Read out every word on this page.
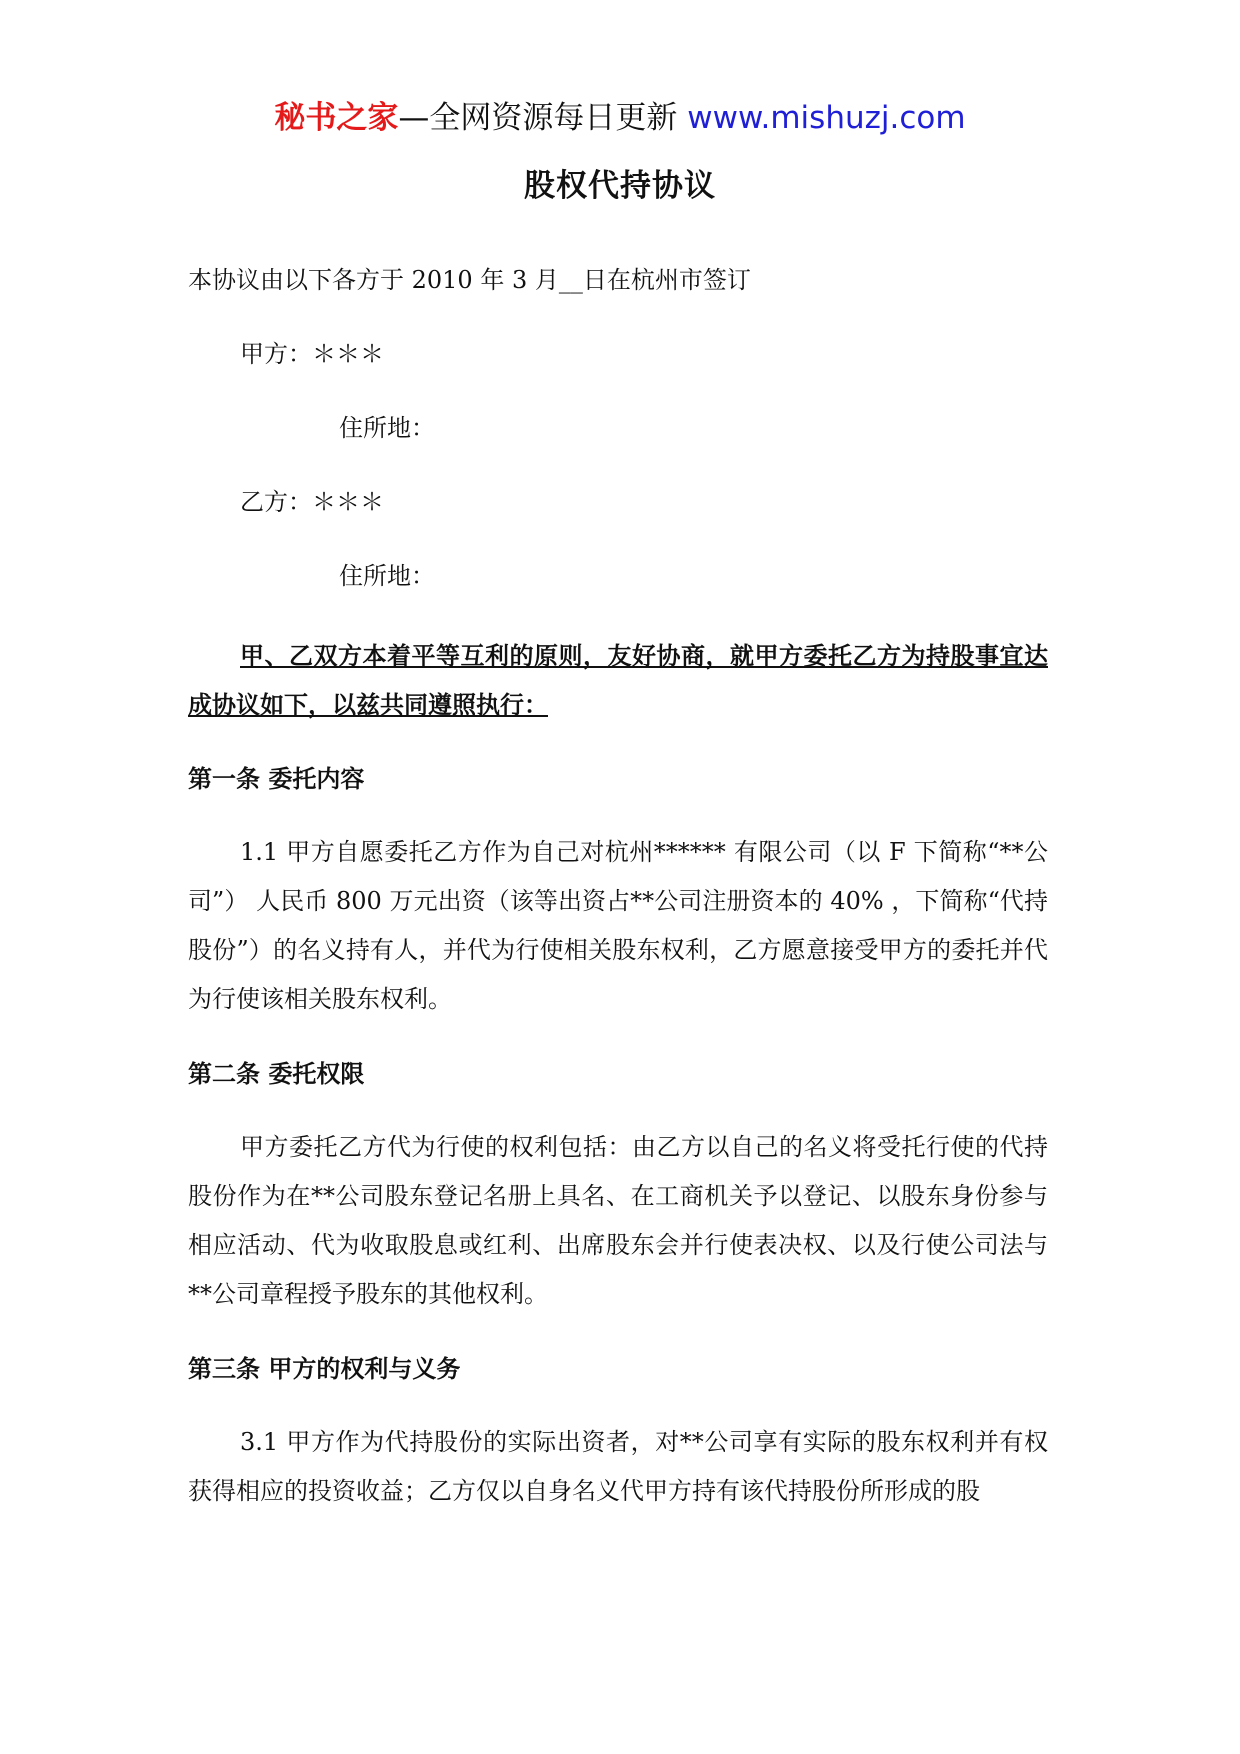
秘书之家—全网资源每日更新 www.mishuzj.com
股权代持协议
本协议由以下各方于 2010 年 3 月__日在杭州市签订
甲方：＊＊＊
住所地：
乙方：＊＊＊
住所地：
甲、乙双方本着平等互利的原则，友好协商，就甲方委托乙方为持股事宜达成协议如下，以兹共同遵照执行：
第一条 委托内容
1.1 甲方自愿委托乙方作为自己对杭州****** 有限公司（以 F 下简称“**公司”） 人民币 800 万元出资（该等出资占**公司注册资本的 40% ，下简称“代持股份”）的名义持有人，并代为行使相关股东权利，乙方愿意接受甲方的委托并代为行使该相关股东权利。
第二条 委托权限
甲方委托乙方代为行使的权利包括：由乙方以自己的名义将受托行使的代持股份作为在**公司股东登记名册上具名、在工商机关予以登记、以股东身份参与相应活动、代为收取股息或红利、出席股东会并行使表决权、以及行使公司法与**公司章程授予股东的其他权利。
第三条 甲方的权利与义务
3.1 甲方作为代持股份的实际出资者，对**公司享有实际的股东权利并有权获得相应的投资收益；乙方仅以自身名义代甲方持有该代持股份所形成的股
